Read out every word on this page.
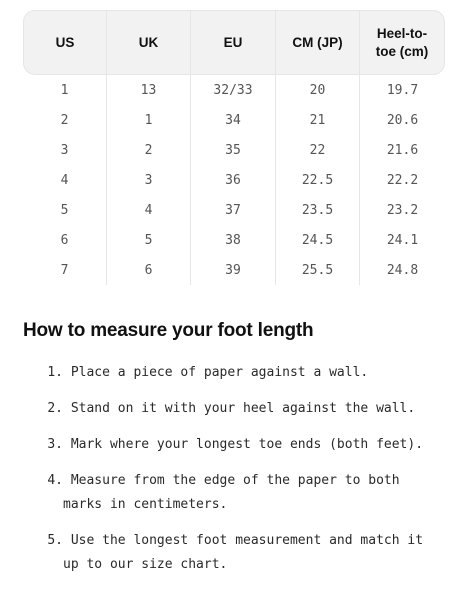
US	UK	EU	CM (JP)	Heel-to-toe (cm)
1	13	32/33	20	19.7
2	1	34	21	20.6
3	2	35	22	21.6
4	3	36	22.5	22.2
5	4	37	23.5	23.2
6	5	38	24.5	24.1
7	6	39	25.5	24.8
How to measure your foot length
1. Place a piece of paper against a wall.
2. Stand on it with your heel against the wall.
3. Mark where your longest toe ends (both feet).
4. Measure from the edge of the paper to both marks in centimeters.
5. Use the longest foot measurement and match it up to our size chart.
